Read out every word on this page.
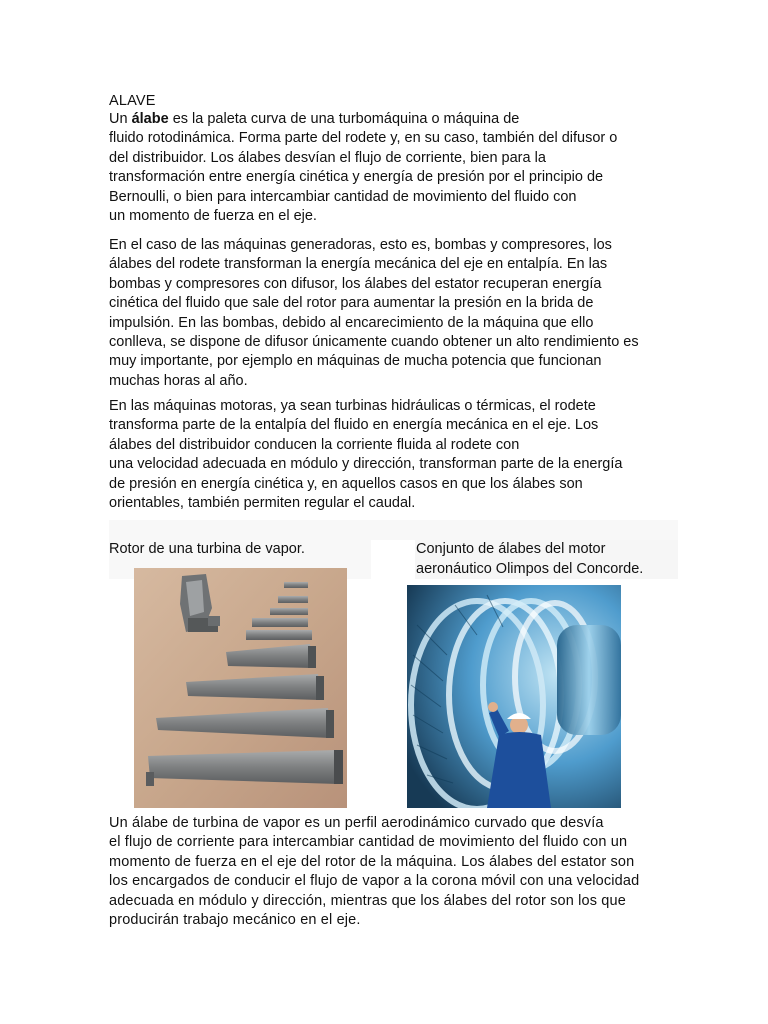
ALAVE

Un álabe es la paleta curva de una turbomáquina o máquina de
fluido rotodinámica. Forma parte del rodete y, en su caso, también del difusor o
del distribuidor. Los álabes desvían el flujo de corriente, bien para la
transformación entre energía cinética y energía de presión por el principio de
Bernoulli, o bien para intercambiar cantidad de movimiento del fluido con
un momento de fuerza en el eje.

En el caso de las máquinas generadoras, esto es, bombas y compresores, los
álabes del rodete transforman la energía mecánica del eje en entalpía. En las
bombas y compresores con difusor, los álabes del estator recuperan energía
cinética del fluido que sale del rotor para aumentar la presión en la brida de
impulsión. En las bombas, debido al encarecimiento de la máquina que ello
conlleva, se dispone de difusor únicamente cuando obtener un alto rendimiento es
muy importante, por ejemplo en máquinas de mucha potencia que funcionan
muchas horas al año.

En las máquinas motoras, ya sean turbinas hidráulicas o térmicas, el rodete
transforma parte de la entalpía del fluido en energía mecánica en el eje. Los
álabes del distribuidor conducen la corriente fluida al rodete con
una velocidad adecuada en módulo y dirección, transforman parte de la energía
de presión en energía cinética y, en aquellos casos en que los álabes son
orientables, también permiten regular el caudal.

Rotor de una turbina de vapor.	Conjunto de álabes del motor
aeronáutico Olimpos del Concorde.

Un álabe de turbina de vapor es un perfil aerodinámico curvado que desvía
el flujo de corriente para intercambiar cantidad de movimiento del fluido con un
momento de fuerza en el eje del rotor de la máquina. Los álabes del estator son
los encargados de conducir el flujo de vapor a la corona móvil con una velocidad
adecuada en módulo y dirección, mientras que los álabes del rotor son los que
producirán trabajo mecánico en el eje.
